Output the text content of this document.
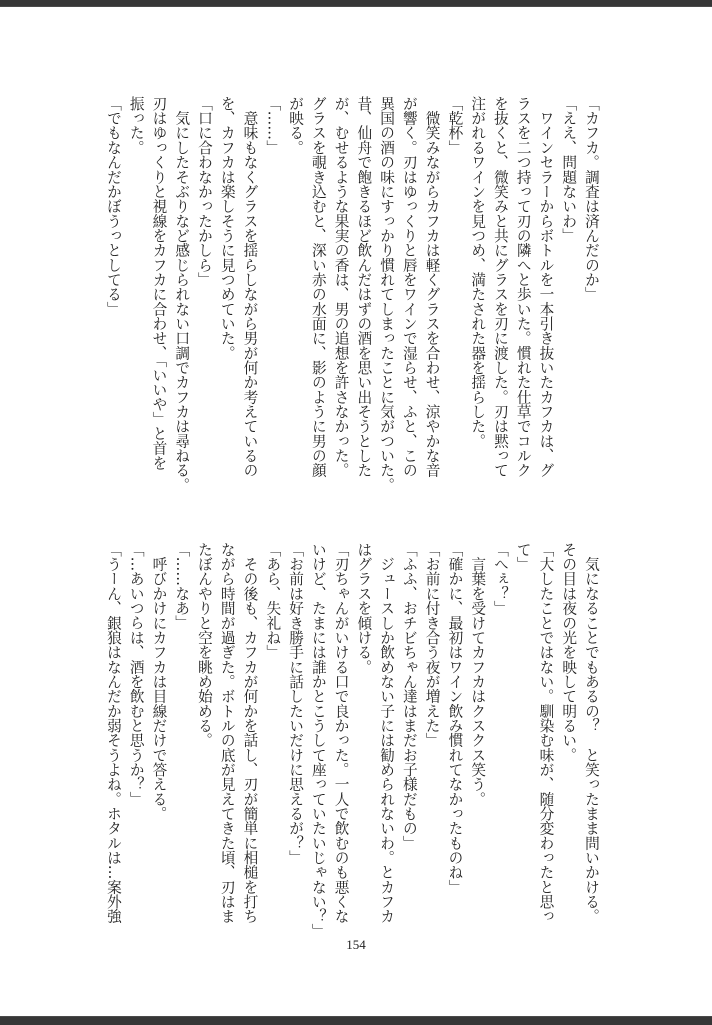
「カフカ。調査は済んだのか」
「ええ、問題ないわ」
　ワインセラーからボトルを一本引き抜いたカフカは、グ
ラスを二つ持って刃の隣へと歩いた。慣れた仕草でコルク
を抜くと、微笑みと共にグラスを刃に渡した。刃は黙って
注がれるワインを見つめ、満たされた器を揺らした。
「乾杯」
　微笑みながらカフカは軽くグラスを合わせ、涼やかな音
が響く。刃はゆっくりと唇をワインで湿らせ、ふと、この
異国の酒の味にすっかり慣れてしまったことに気がついた。
昔、仙舟で飽きるほど飲んだはずの酒を思い出そうとした
が、むせるような果実の香は、男の追想を許さなかった。
グラスを覗き込むと、深い赤の水面に、影のように男の顔
が映る。
「……」
　意味もなくグラスを揺らしながら男が何か考えているの
を、カフカは楽しそうに見つめていた。
「口に合わなかったかしら」
　気にしたそぶりなど感じられない口調でカフカは尋ねる。
刃はゆっくりと視線をカフカに合わせ、「いいや」と首を
振った。
「でもなんだかぼうっとしてる」
　気になることでもあるの？　と笑ったまま問いかける。
その目は夜の光を映して明るい。
「大したことではない。馴染む味が、随分変わったと思っ
て」
「へぇ？」
　言葉を受けてカフカはクスクス笑う。
「確かに、最初はワイン飲み慣れてなかったものね」
「お前に付き合う夜が増えた」
「ふふ、おチビちゃん達はまだお子様だもの」
　ジュースしか飲めない子には勧められないわ。とカフカ
はグラスを傾ける。
「刃ちゃんがいける口で良かった。一人で飲むのも悪くな
いけど、たまには誰かとこうして座っていたいじゃない？」
「お前は好き勝手に話したいだけに思えるが？」
「あら、失礼ね」
　その後も、カフカが何かを話し、刃が簡単に相槌を打ち
ながら時間が過ぎた。ボトルの底が見えてきた頃、刃はま
たぼんやりと空を眺め始める。
「……なあ」
　呼びかけにカフカは目線だけで答える。
「…あいつらは、酒を飲むと思うか？」
「うーん、銀狼はなんだか弱そうよね。ホタルは…案外強
154
